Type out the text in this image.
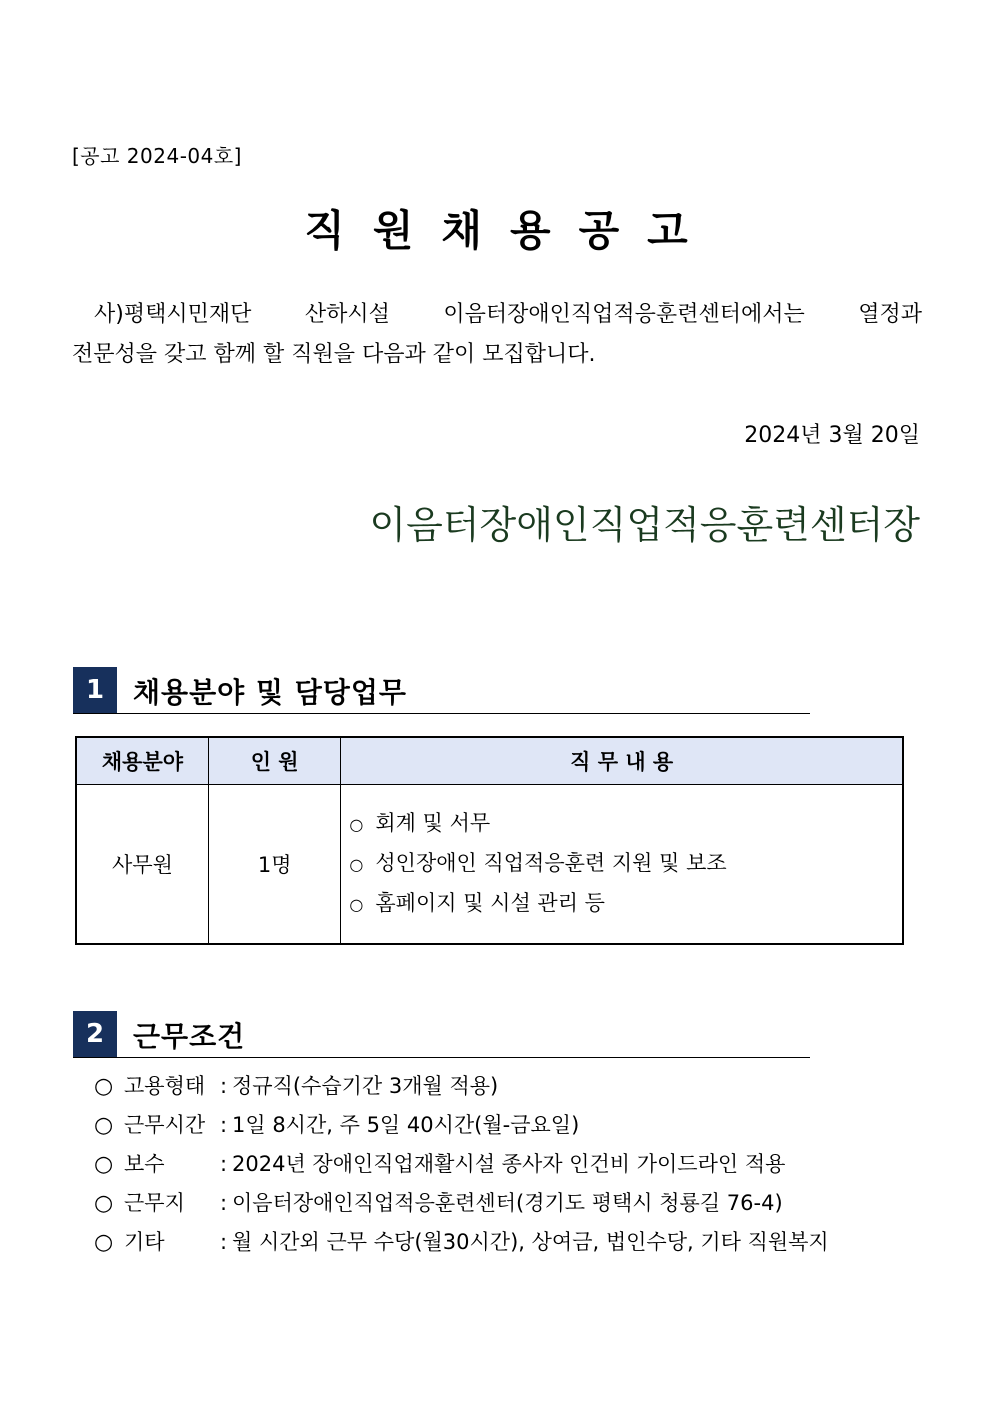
[공고 2024-04호]
직원채용공고
사)평택시민재단 산하시설 이음터장애인직업적응훈련센터에서는 열정과
전문성을 갖고 함께 할 직원을 다음과 같이 모집합니다.
2024년 3월 20일
이음터장애인직업적응훈련센터장
1	채용분야 및 담당업무
채용분야	인 원	직 무 내 용
사무원	1명	○ 회계 및 서무
○ 성인장애인 직업적응훈련 지원 및 보조
○ 홈페이지 및 시설 관리 등
2	근무조건
○ 고용형태 : 정규직(수습기간 3개월 적용)
○ 근무시간 : 1일 8시간, 주 5일 40시간(월-금요일)
○ 보수	: 2024년 장애인직업재활시설 종사자 인건비 가이드라인 적용
○ 근무지 : 이음터장애인직업적응훈련센터(경기도 평택시 청룡길 76-4)
○ 기타	: 월 시간외 근무 수당(월30시간), 상여금, 법인수당, 기타 직원복지
